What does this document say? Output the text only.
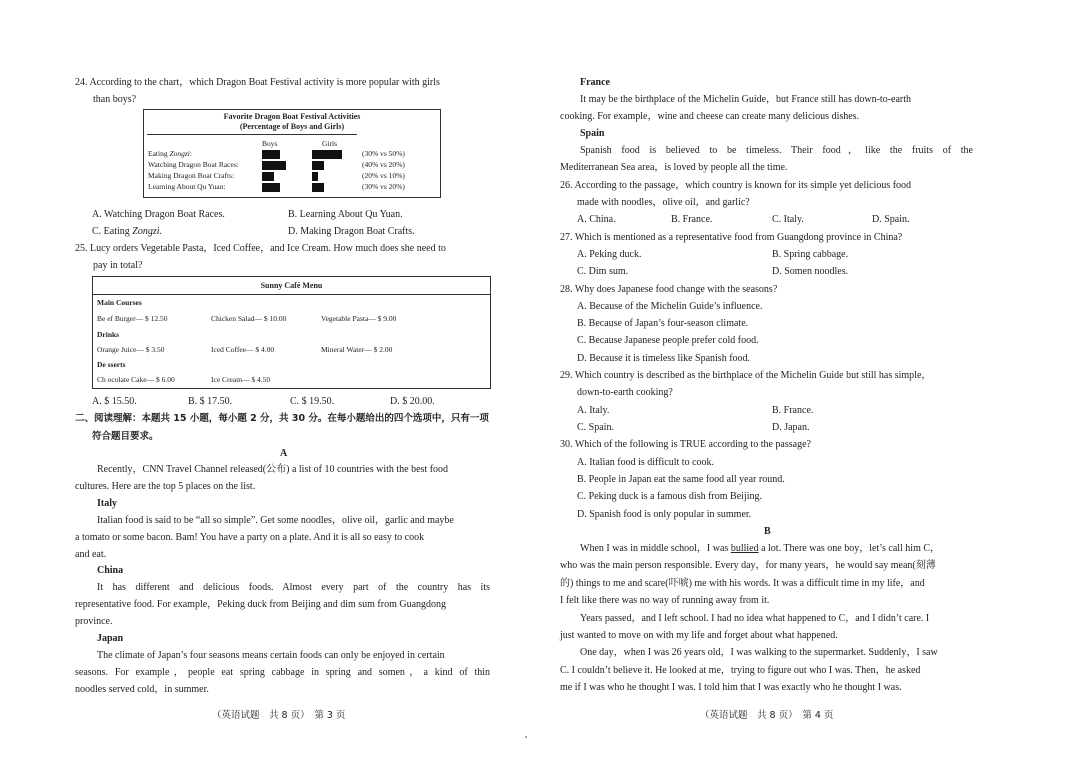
24. According to the chart，which Dragon Boat Festival activity is more popular with girls
than boys?
Favorite Dragon Boat Festival Activities
(Percentage of Boys and Girls)
Boys	Girls
Eating Zongzi:	(30% vs 50%)
Watching Dragon Boat Races:	(40% vs 20%)
Making Dragon Boat Crafts:	(20% vs 10%)
Learning About Qu Yuan:	(30% vs 20%)
A. Watching Dragon Boat Races.	B. Learning About Qu Yuan.
C. Eating Zongzi.	D. Making Dragon Boat Crafts.
25. Lucy orders Vegetable Pasta，Iced Coffee，and Ice Cream. How much does she need to
pay in total?
Sunny Café Menu
Main Courses
Be ef Burger— $ 12.50	Chicken Salad— $ 10.00	Vegetable Pasta— $ 9.00
Drinks
Orange Juice— $ 3.50	Iced Coffee— $ 4.00	Mineral Water— $ 2.00
De sserts
Ch ocolate Cake— $ 6.00	Ice Cream— $ 4.50
A. $ 15.50.	B. $ 17.50.	C. $ 19.50.	D. $ 20.00.
二、阅读理解：本题共 15 小题，每小题 2 分，共 30 分。在每小题给出的四个选项中，只有一项
符合题目要求。
A
Recently，CNN Travel Channel released(公布) a list of 10 countries with the best food
cultures. Here are the top 5 places on the list.
Italy
Italian food is said to be “all so simple”. Get some noodles，olive oil，garlic and maybe
a tomato or some bacon. Bam! You have a party on a plate. And it is all so easy to cook
and eat.
China
It has different and delicious foods. Almost every part of the country has its
representative food. For example，Peking duck from Beijing and dim sum from Guangdong
province.
Japan
The climate of Japan’s four seasons means certain foods can only be enjoyed in certain
seasons. For example，people eat spring cabbage in spring and somen，a kind of thin
noodles served cold，in summer.
（英语试题　共 8 页）　第 3 页
France
It may be the birthplace of the Michelin Guide，but France still has down-to-earth
cooking. For example，wine and cheese can create many delicious dishes.
Spain
Spanish food is believed to be timeless. Their food，like the fruits of the
Mediterranean Sea area，is loved by people all the time.
26. According to the passage，which country is known for its simple yet delicious food
made with noodles，olive oil，and garlic?
A. China.	B. France.	C. Italy.	D. Spain.
27. Which is mentioned as a representative food from Guangdong province in China?
A. Peking duck.	B. Spring cabbage.
C. Dim sum.	D. Somen noodles.
28. Why does Japanese food change with the seasons?
A. Because of the Michelin Guide’s influence.
B. Because of Japan’s four-season climate.
C. Because Japanese people prefer cold food.
D. Because it is timeless like Spanish food.
29. Which country is described as the birthplace of the Michelin Guide but still has simple，
down-to-earth cooking?
A. Italy.	B. France.
C. Spain.	D. Japan.
30. Which of the following is TRUE according to the passage?
A. Italian food is difficult to cook.
B. People in Japan eat the same food all year round.
C. Peking duck is a famous dish from Beijing.
D. Spanish food is only popular in summer.
B
When I was in middle school，I was bullied a lot. There was one boy，let’s call him C，
who was the main person responsible. Every day，for many years，he would say mean(刻薄
的) things to me and scare(吓唬) me with his words. It was a difficult time in my life，and
I felt like there was no way of running away from it.
Years passed，and I left school. I had no idea what happened to C，and I didn’t care. I
just wanted to move on with my life and forget about what happened.
One day，when I was 26 years old，I was walking to the supermarket. Suddenly，I saw
C. I couldn’t believe it. He looked at me，trying to figure out who I was. Then，he asked
me if I was who he thought I was. I told him that I was exactly who he thought I was.
（英语试题　共 8 页）　第 4 页
